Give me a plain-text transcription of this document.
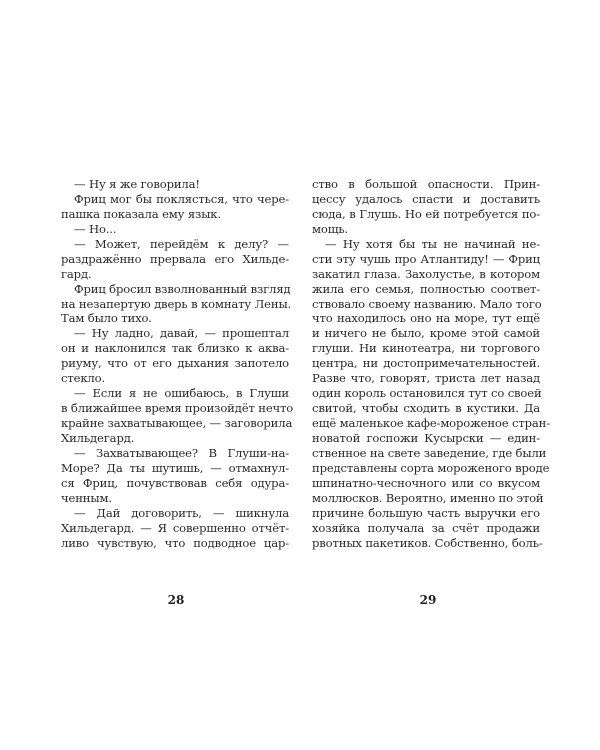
— Ну я же говорила!
Фриц мог бы поклясться, что чере-
пашка показала ему язык.
— Но...
— Может, перейдём к делу? —
раздражённо прервала его Хильде-
гард.
Фриц бросил взволнованный взгляд
на незапертую дверь в комнату Лены.
Там было тихо.
— Ну ладно, давай, — прошептал
он и наклонился так близко к аква-
риуму, что от его дыхания запотело
стекло.
— Если я не ошибаюсь, в Глуши
в ближайшее время произойдёт нечто
крайне захватывающее, — заговорила
Хильдегард.
— Захватывающее? В Глуши-на-
Море? Да ты шутишь, — отмахнул-
ся Фриц, почувствовав себя одура-
ченным.
— Дай договорить, — шикнула
Хильдегард. — Я совершенно отчёт-
ливо чувствую, что подводное цар-
ство в большой опасности. Прин-
цессу удалось спасти и доставить
сюда, в Глушь. Но ей потребуется по-
мощь.
— Ну хотя бы ты не начинай не-
сти эту чушь про Атлантиду! — Фриц
закатил глаза. Захолустье, в котором
жила его семья, полностью соответ-
ствовало своему названию. Мало того
что находилось оно на море, тут ещё
и ничего не было, кроме этой самой
глуши. Ни кинотеатра, ни торгового
центра, ни достопримечательностей.
Разве что, говорят, триста лет назад
один король остановился тут со своей
свитой, чтобы сходить в кустики. Да
ещё маленькое кафе-мороженое стран-
новатой госпожи Кусырски — един-
ственное на свете заведение, где были
представлены сорта мороженого вроде
шпинатно-чесночного или со вкусом
моллюсков. Вероятно, именно по этой
причине большую часть выручки его
хозяйка получала за счёт продажи
рвотных пакетиков. Собственно, боль-
28	29
